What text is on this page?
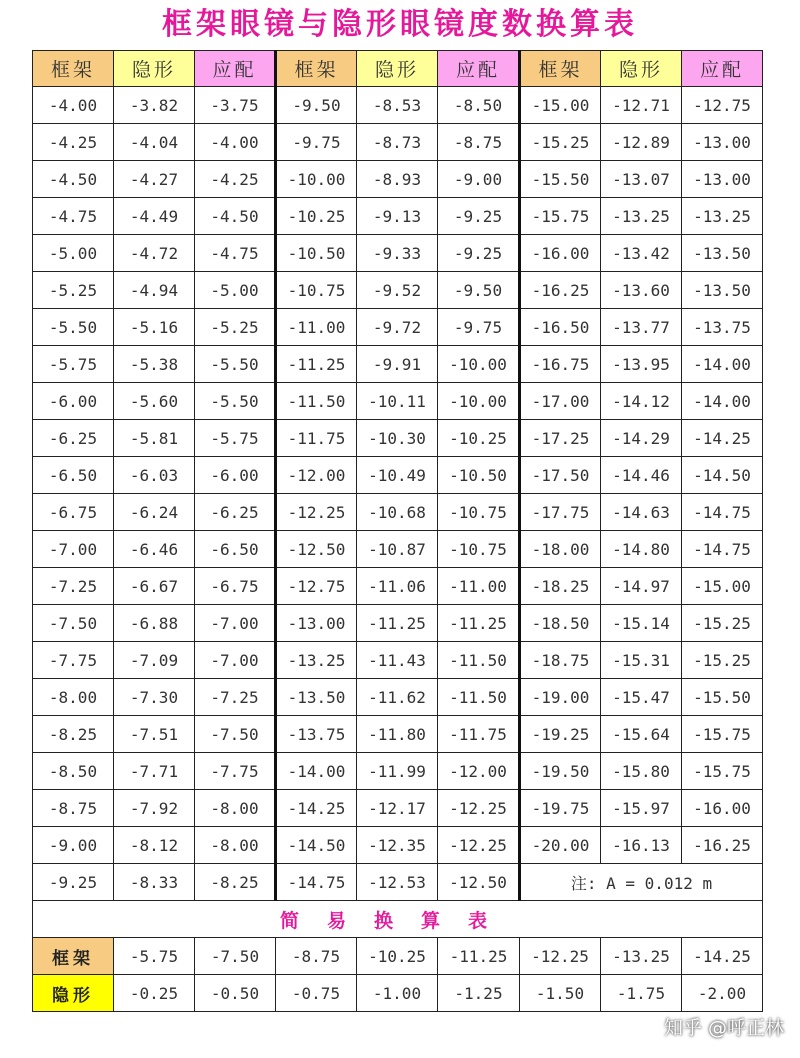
框架眼镜与隐形眼镜度数换算表
框架	隐形	应配	框架	隐形	应配	框架	隐形	应配
-4.00	-3.82	-3.75	-9.50	-8.53	-8.50	-15.00	-12.71	-12.75
-4.25	-4.04	-4.00	-9.75	-8.73	-8.75	-15.25	-12.89	-13.00
-4.50	-4.27	-4.25	-10.00	-8.93	-9.00	-15.50	-13.07	-13.00
-4.75	-4.49	-4.50	-10.25	-9.13	-9.25	-15.75	-13.25	-13.25
-5.00	-4.72	-4.75	-10.50	-9.33	-9.25	-16.00	-13.42	-13.50
-5.25	-4.94	-5.00	-10.75	-9.52	-9.50	-16.25	-13.60	-13.50
-5.50	-5.16	-5.25	-11.00	-9.72	-9.75	-16.50	-13.77	-13.75
-5.75	-5.38	-5.50	-11.25	-9.91	-10.00	-16.75	-13.95	-14.00
-6.00	-5.60	-5.50	-11.50	-10.11	-10.00	-17.00	-14.12	-14.00
-6.25	-5.81	-5.75	-11.75	-10.30	-10.25	-17.25	-14.29	-14.25
-6.50	-6.03	-6.00	-12.00	-10.49	-10.50	-17.50	-14.46	-14.50
-6.75	-6.24	-6.25	-12.25	-10.68	-10.75	-17.75	-14.63	-14.75
-7.00	-6.46	-6.50	-12.50	-10.87	-10.75	-18.00	-14.80	-14.75
-7.25	-6.67	-6.75	-12.75	-11.06	-11.00	-18.25	-14.97	-15.00
-7.50	-6.88	-7.00	-13.00	-11.25	-11.25	-18.50	-15.14	-15.25
-7.75	-7.09	-7.00	-13.25	-11.43	-11.50	-18.75	-15.31	-15.25
-8.00	-7.30	-7.25	-13.50	-11.62	-11.50	-19.00	-15.47	-15.50
-8.25	-7.51	-7.50	-13.75	-11.80	-11.75	-19.25	-15.64	-15.75
-8.50	-7.71	-7.75	-14.00	-11.99	-12.00	-19.50	-15.80	-15.75
-8.75	-7.92	-8.00	-14.25	-12.17	-12.25	-19.75	-15.97	-16.00
-9.00	-8.12	-8.00	-14.50	-12.35	-12.25	-20.00	-16.13	-16.25
-9.25	-8.33	-8.25	-14.75	-12.53	-12.50	注: A = 0.012 m		
简易换算表								
框架	-5.75	-7.50	-8.75	-10.25	-11.25	-12.25	-13.25	-14.25
隐形	-0.25	-0.50	-0.75	-1.00	-1.25	-1.50	-1.75	-2.00
知乎 @呼正林
